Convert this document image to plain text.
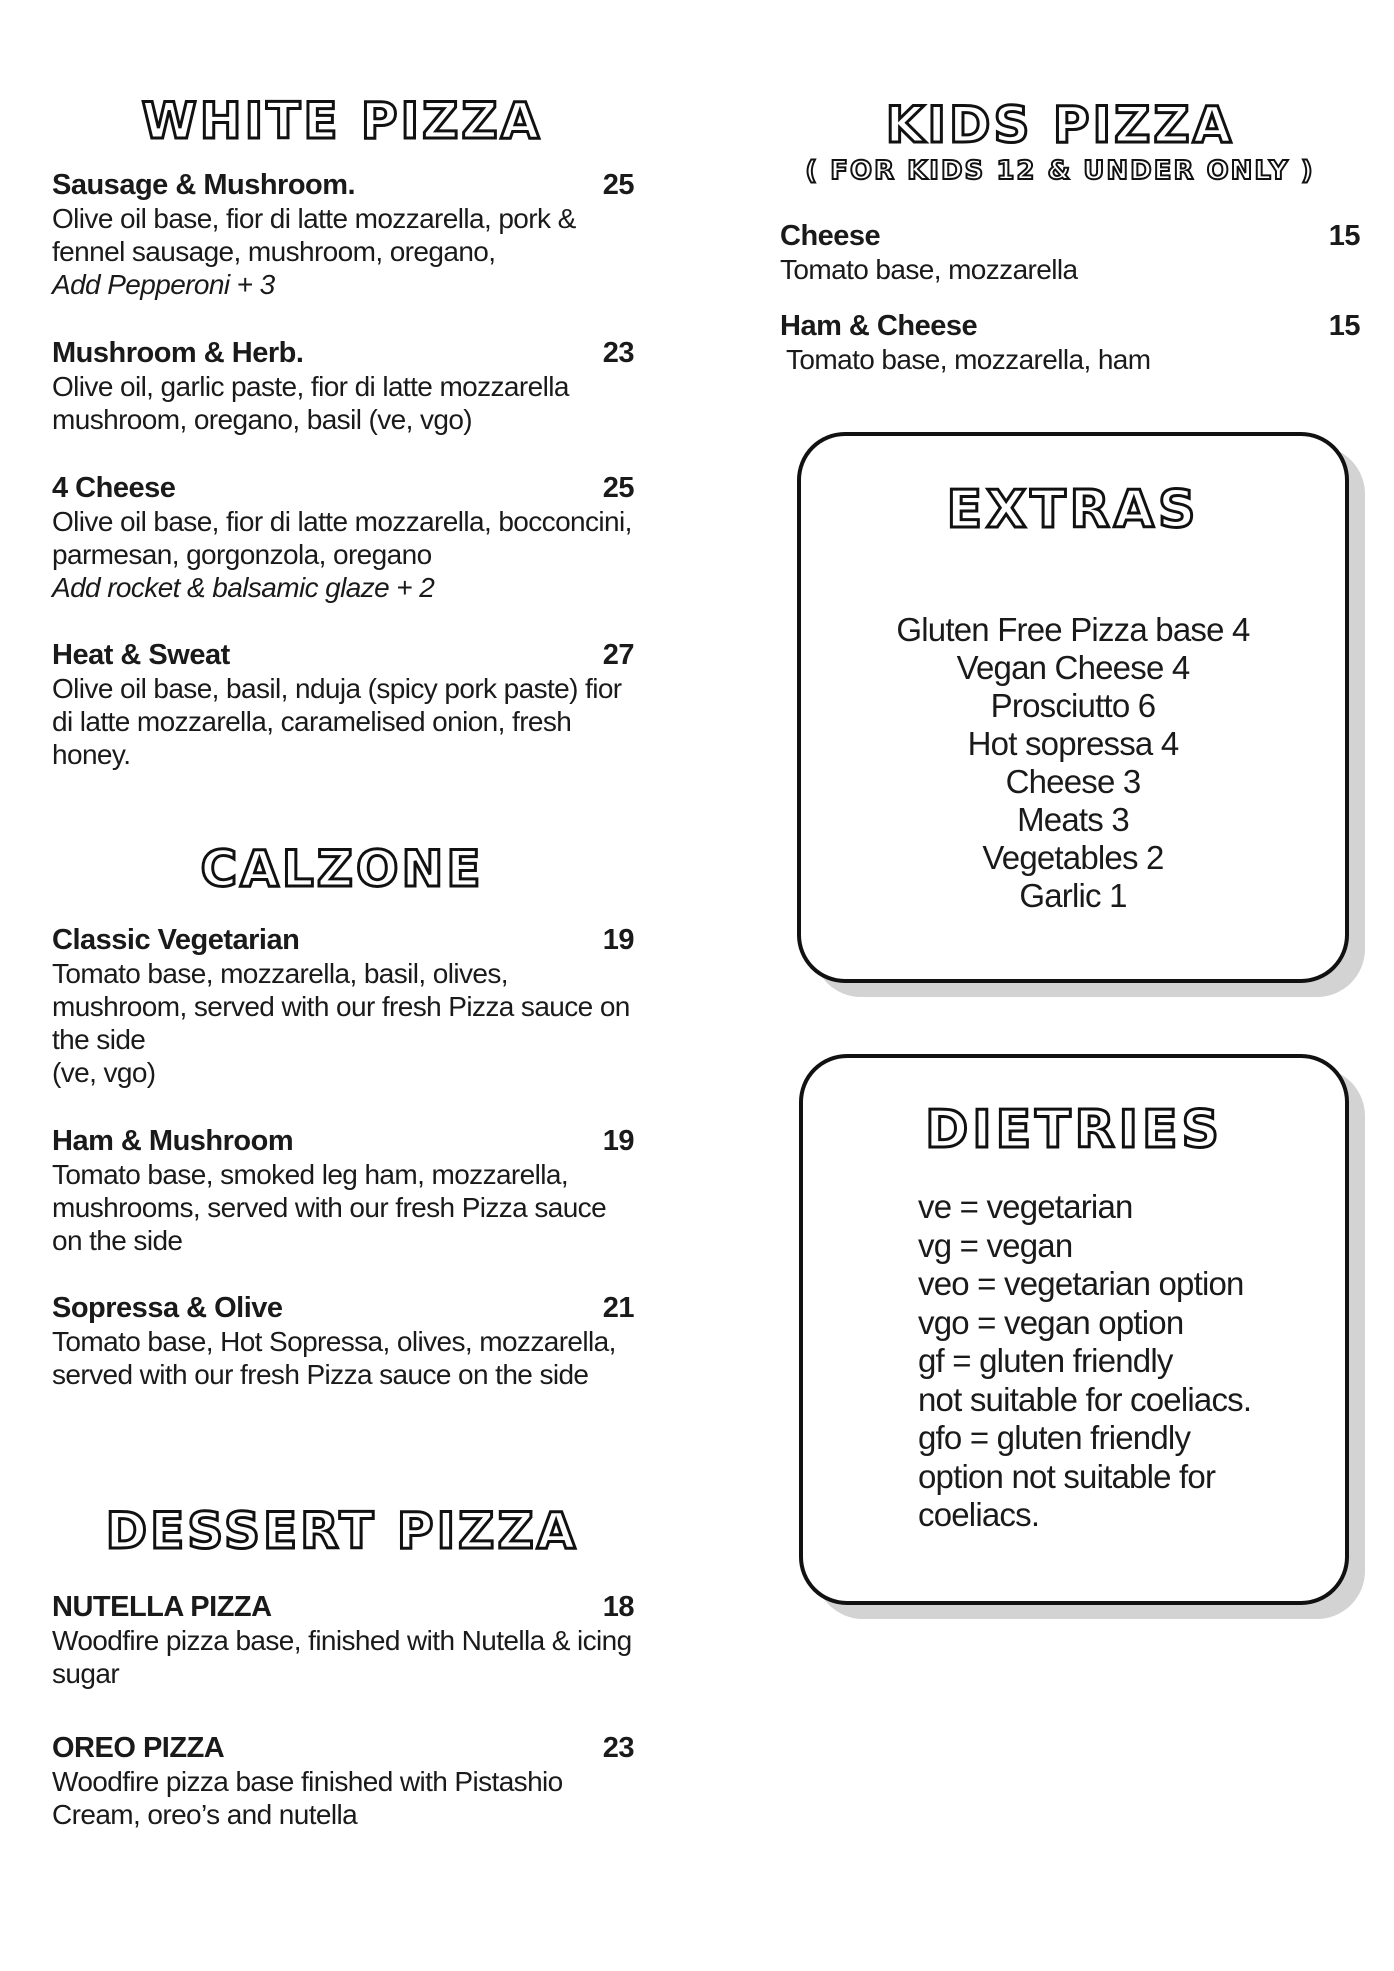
WHITE PIZZA
Sausage & Mushroom.	25
Olive oil base, fior di latte mozzarella, pork & fennel sausage, mushroom, oregano,
Add Pepperoni + 3
Mushroom & Herb.	23
Olive oil, garlic paste, fior di latte mozzarella mushroom, oregano, basil (ve, vgo)
4 Cheese	25
Olive oil base, fior di latte mozzarella, bocconcini, parmesan, gorgonzola, oregano
Add rocket & balsamic glaze + 2
Heat & Sweat	27
Olive oil base, basil, nduja (spicy pork paste) fior di latte mozzarella, caramelised onion, fresh honey.
CALZONE
Classic Vegetarian	19
Tomato base, mozzarella, basil, olives, mushroom, served with our fresh Pizza sauce on the side
(ve, vgo)
Ham & Mushroom	19
Tomato base, smoked leg ham, mozzarella, mushrooms, served with our fresh Pizza sauce on the side
Sopressa & Olive	21
Tomato base, Hot Sopressa, olives, mozzarella, served with our fresh Pizza sauce on the side
DESSERT PIZZA
NUTELLA PIZZA	18
Woodfire pizza base, finished with Nutella & icing sugar
OREO PIZZA	23
Woodfire pizza base finished with Pistashio Cream, oreo’s and nutella
KIDS PIZZA
( FOR KIDS 12 & UNDER ONLY )
Cheese	15
Tomato base, mozzarella
Ham & Cheese	15
Tomato base, mozzarella, ham
EXTRAS
Gluten Free Pizza base 4
Vegan Cheese 4
Prosciutto 6
Hot sopressa 4
Cheese 3
Meats 3
Vegetables 2
Garlic 1
DIETRIES
ve = vegetarian
vg = vegan
veo = vegetarian option
vgo = vegan option
gf = gluten friendly
not suitable for coeliacs.
gfo = gluten friendly
option not suitable for
coeliacs.
